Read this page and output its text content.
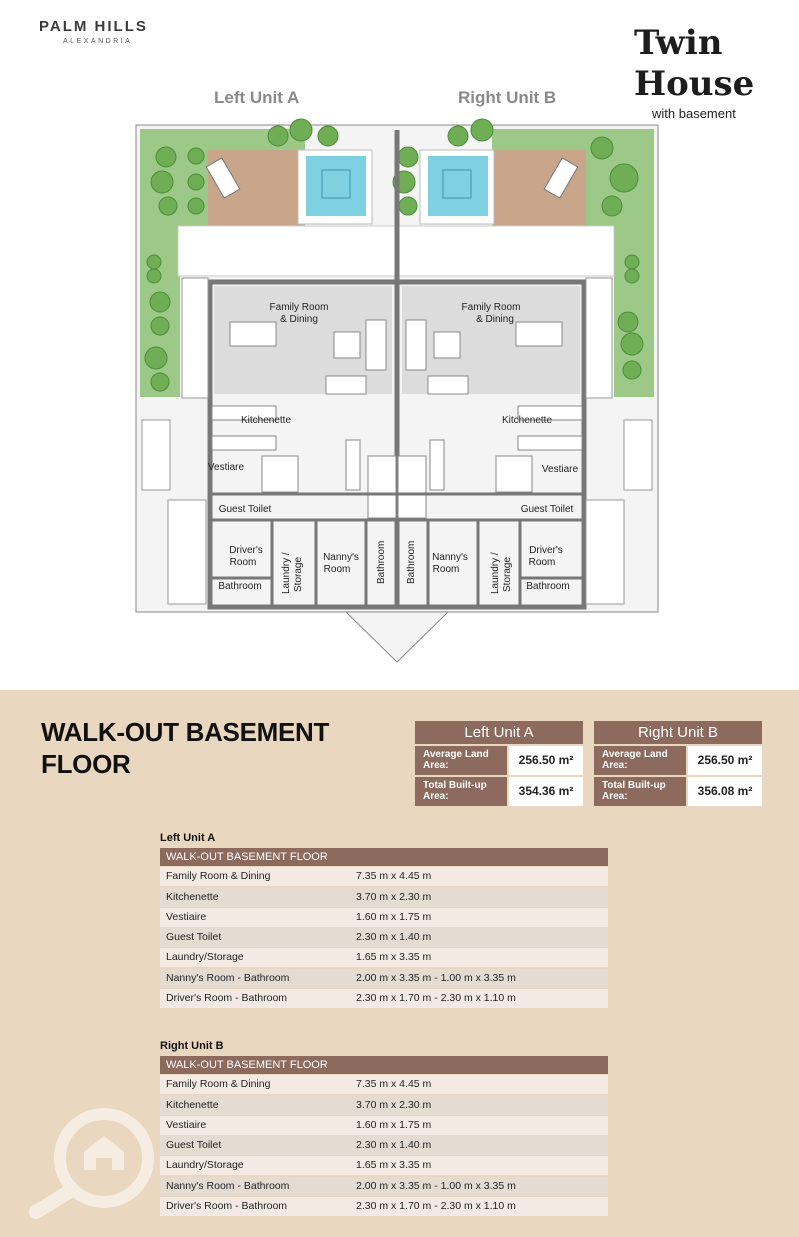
PALM HILLS
ALEXANDRIA	Twin
House
with basement
Left Unit A	Right Unit B
Family Room
& Dining
Family Room
& Dining
Kitchenette	Kitchenette
Vestiare	Vestiare
Guest Toilet	Guest Toilet
Driver's
Room
Driver's
Room
Bathroom	Bathroom
Nanny's
Room
Nanny's
Room
Laundry / Storage	Laundry / Storage
Bathroom Bathroom
WALK-OUT BASEMENT
FLOOR
Left Unit A
Average Land Area:	256.50 m²
Total Built-up Area:	354.36 m²
Right Unit B
Average Land Area:	256.50 m²
Total Built-up Area:	356.08 m²
Left Unit A
WALK-OUT BASEMENT FLOOR
Family Room & Dining	7.35 m x 4.45 m
Kitchenette	3.70 m x 2.30 m
Vestiaire	1.60 m x 1.75 m
Guest Toilet	2.30 m x 1.40 m
Laundry/Storage	1.65 m x 3.35 m
Nanny's Room - Bathroom	2.00 m x 3.35 m - 1.00 m x 3.35 m
Driver's Room - Bathroom	2.30 m x 1.70 m - 2.30 m x 1.10 m
Right Unit B
WALK-OUT BASEMENT FLOOR
Family Room & Dining	7.35 m x 4.45 m
Kitchenette	3.70 m x 2.30 m
Vestiaire	1.60 m x 1.75 m
Guest Toilet	2.30 m x 1.40 m
Laundry/Storage	1.65 m x 3.35 m
Nanny's Room - Bathroom	2.00 m x 3.35 m - 1.00 m x 3.35 m
Driver's Room - Bathroom	2.30 m x 1.70 m - 2.30 m x 1.10 m
